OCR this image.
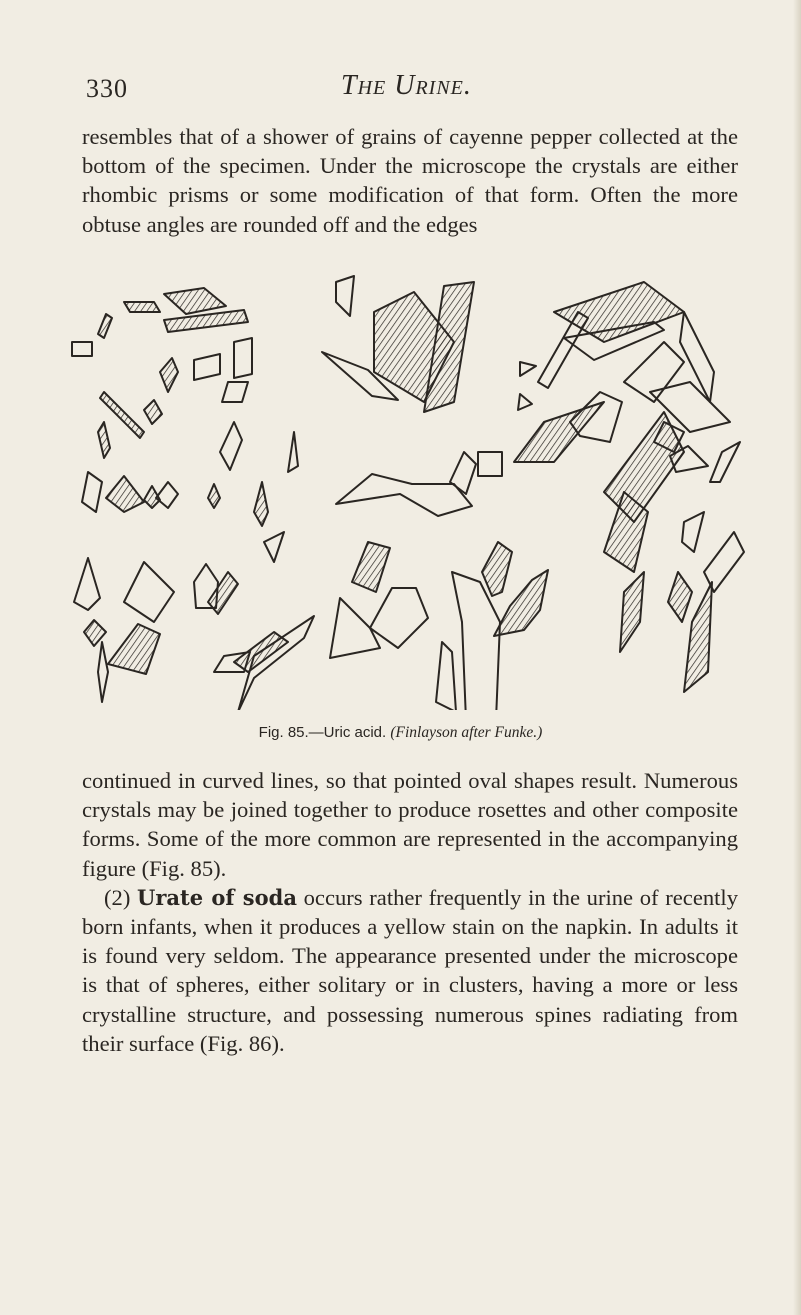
330	The Urine.

resembles that of a shower of grains of cayenne pepper collected at the bottom of the specimen. Under the microscope the crystals are either rhombic prisms or some modification of that form. Often the more obtuse angles are rounded off and the edges

Fig. 85.—Uric acid. (Finlayson after Funke.)

continued in curved lines, so that pointed oval shapes result. Numerous crystals may be joined together to produce rosettes and other composite forms. Some of the more common are represented in the accompanying figure (Fig. 85).

(2) Urate of soda occurs rather frequently in the urine of recently born infants, when it produces a yellow stain on the napkin. In adults it is found very seldom. The appearance presented under the microscope is that of spheres, either solitary or in clusters, having a more or less crystalline structure, and possessing numerous spines radiating from their surface (Fig. 86).
